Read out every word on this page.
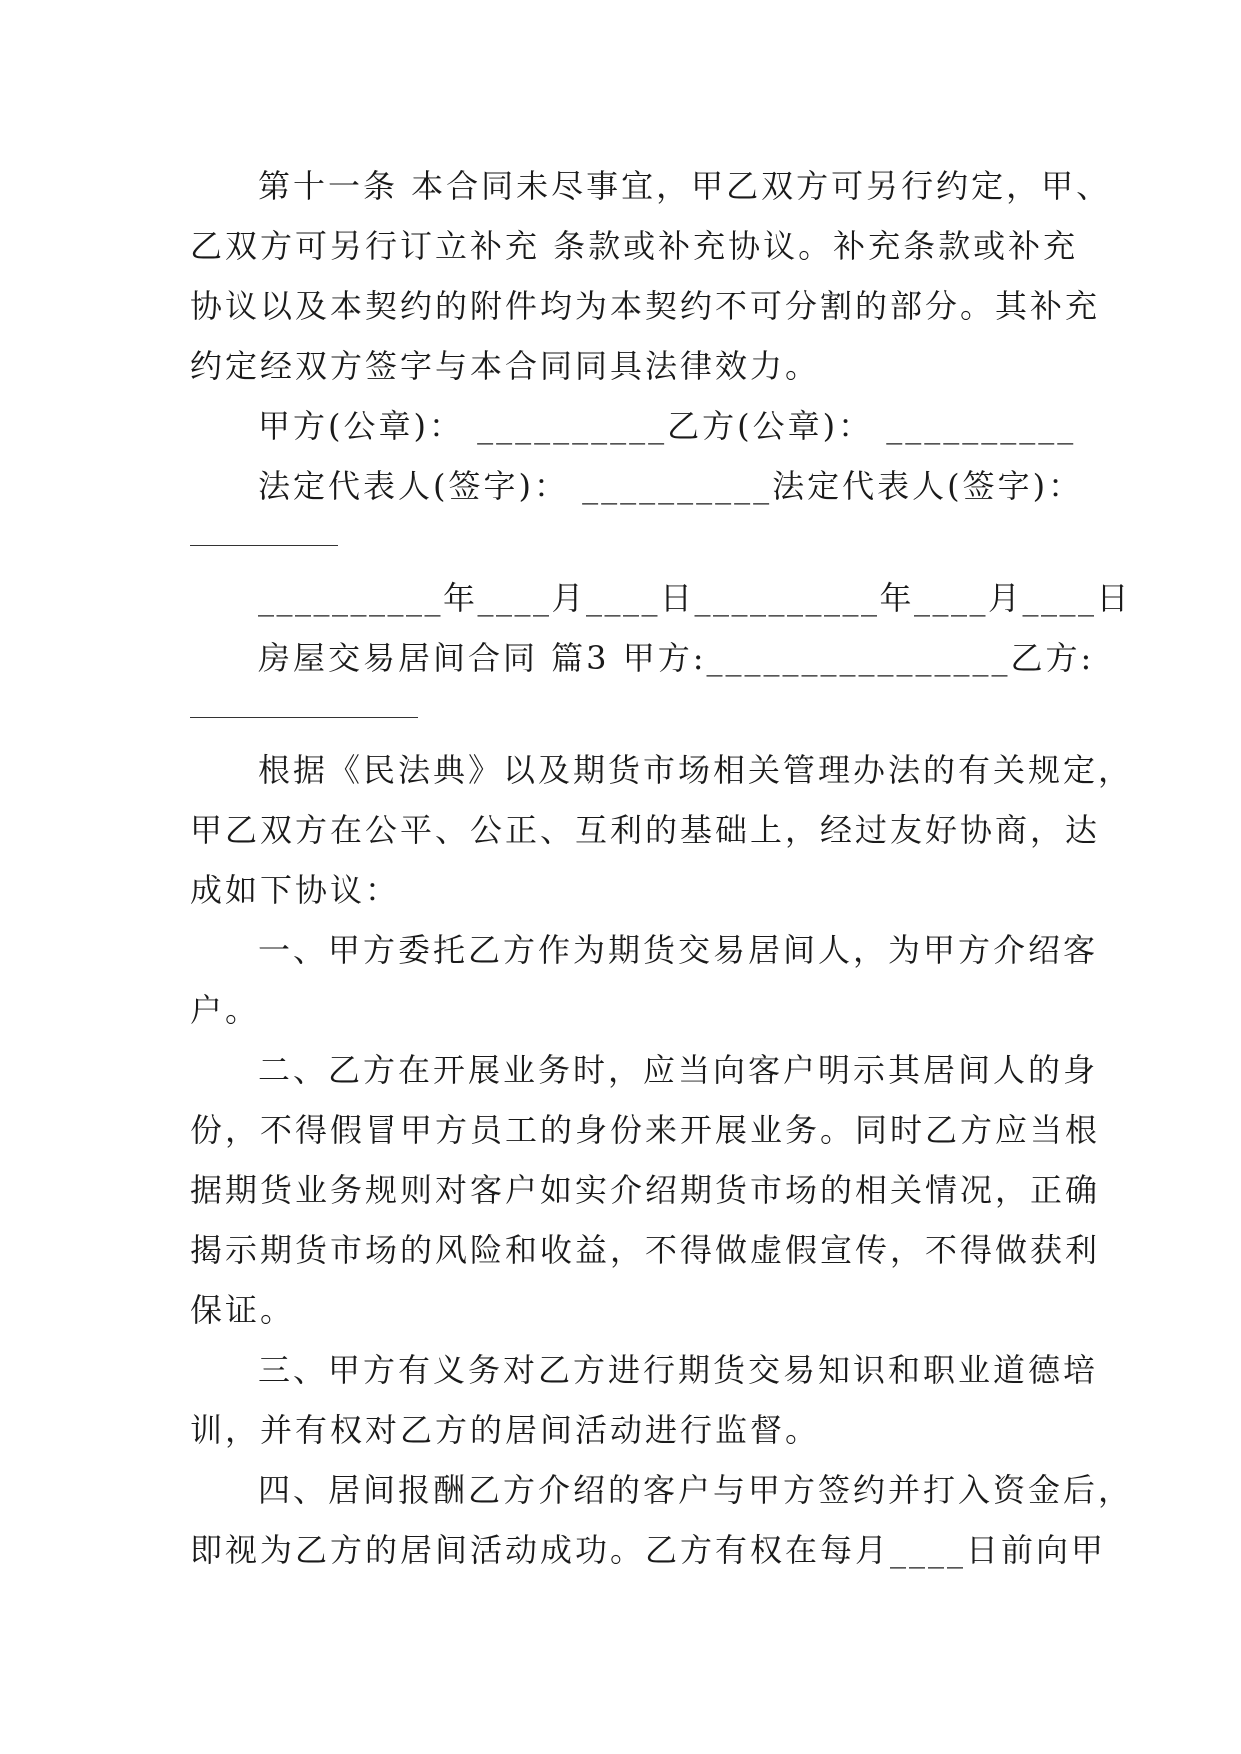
第十一条 本合同未尽事宜，甲乙双方可另行约定，甲、
乙双方可另行订立补充 条款或补充协议。补充条款或补充
协议以及本契约的附件均为本契约不可分割的部分。其补充
约定经双方签字与本合同同具法律效力。
甲方(公章)： __________乙方(公章)： __________
法定代表人(签字)： __________法定代表人(签字)：
__________年____月____日__________年____月____日
房屋交易居间合同 篇3 甲方:________________乙方:
根据《民法典》以及期货市场相关管理办法的有关规定，
甲乙双方在公平、公正、互利的基础上，经过友好协商，达
成如下协议：
一、甲方委托乙方作为期货交易居间人，为甲方介绍客
户。
二、乙方在开展业务时，应当向客户明示其居间人的身
份，不得假冒甲方员工的身份来开展业务。同时乙方应当根
据期货业务规则对客户如实介绍期货市场的相关情况，正确
揭示期货市场的风险和收益，不得做虚假宣传，不得做获利
保证。
三、甲方有义务对乙方进行期货交易知识和职业道德培
训，并有权对乙方的居间活动进行监督。
四、居间报酬乙方介绍的客户与甲方签约并打入资金后，
即视为乙方的居间活动成功。乙方有权在每月____日前向甲
